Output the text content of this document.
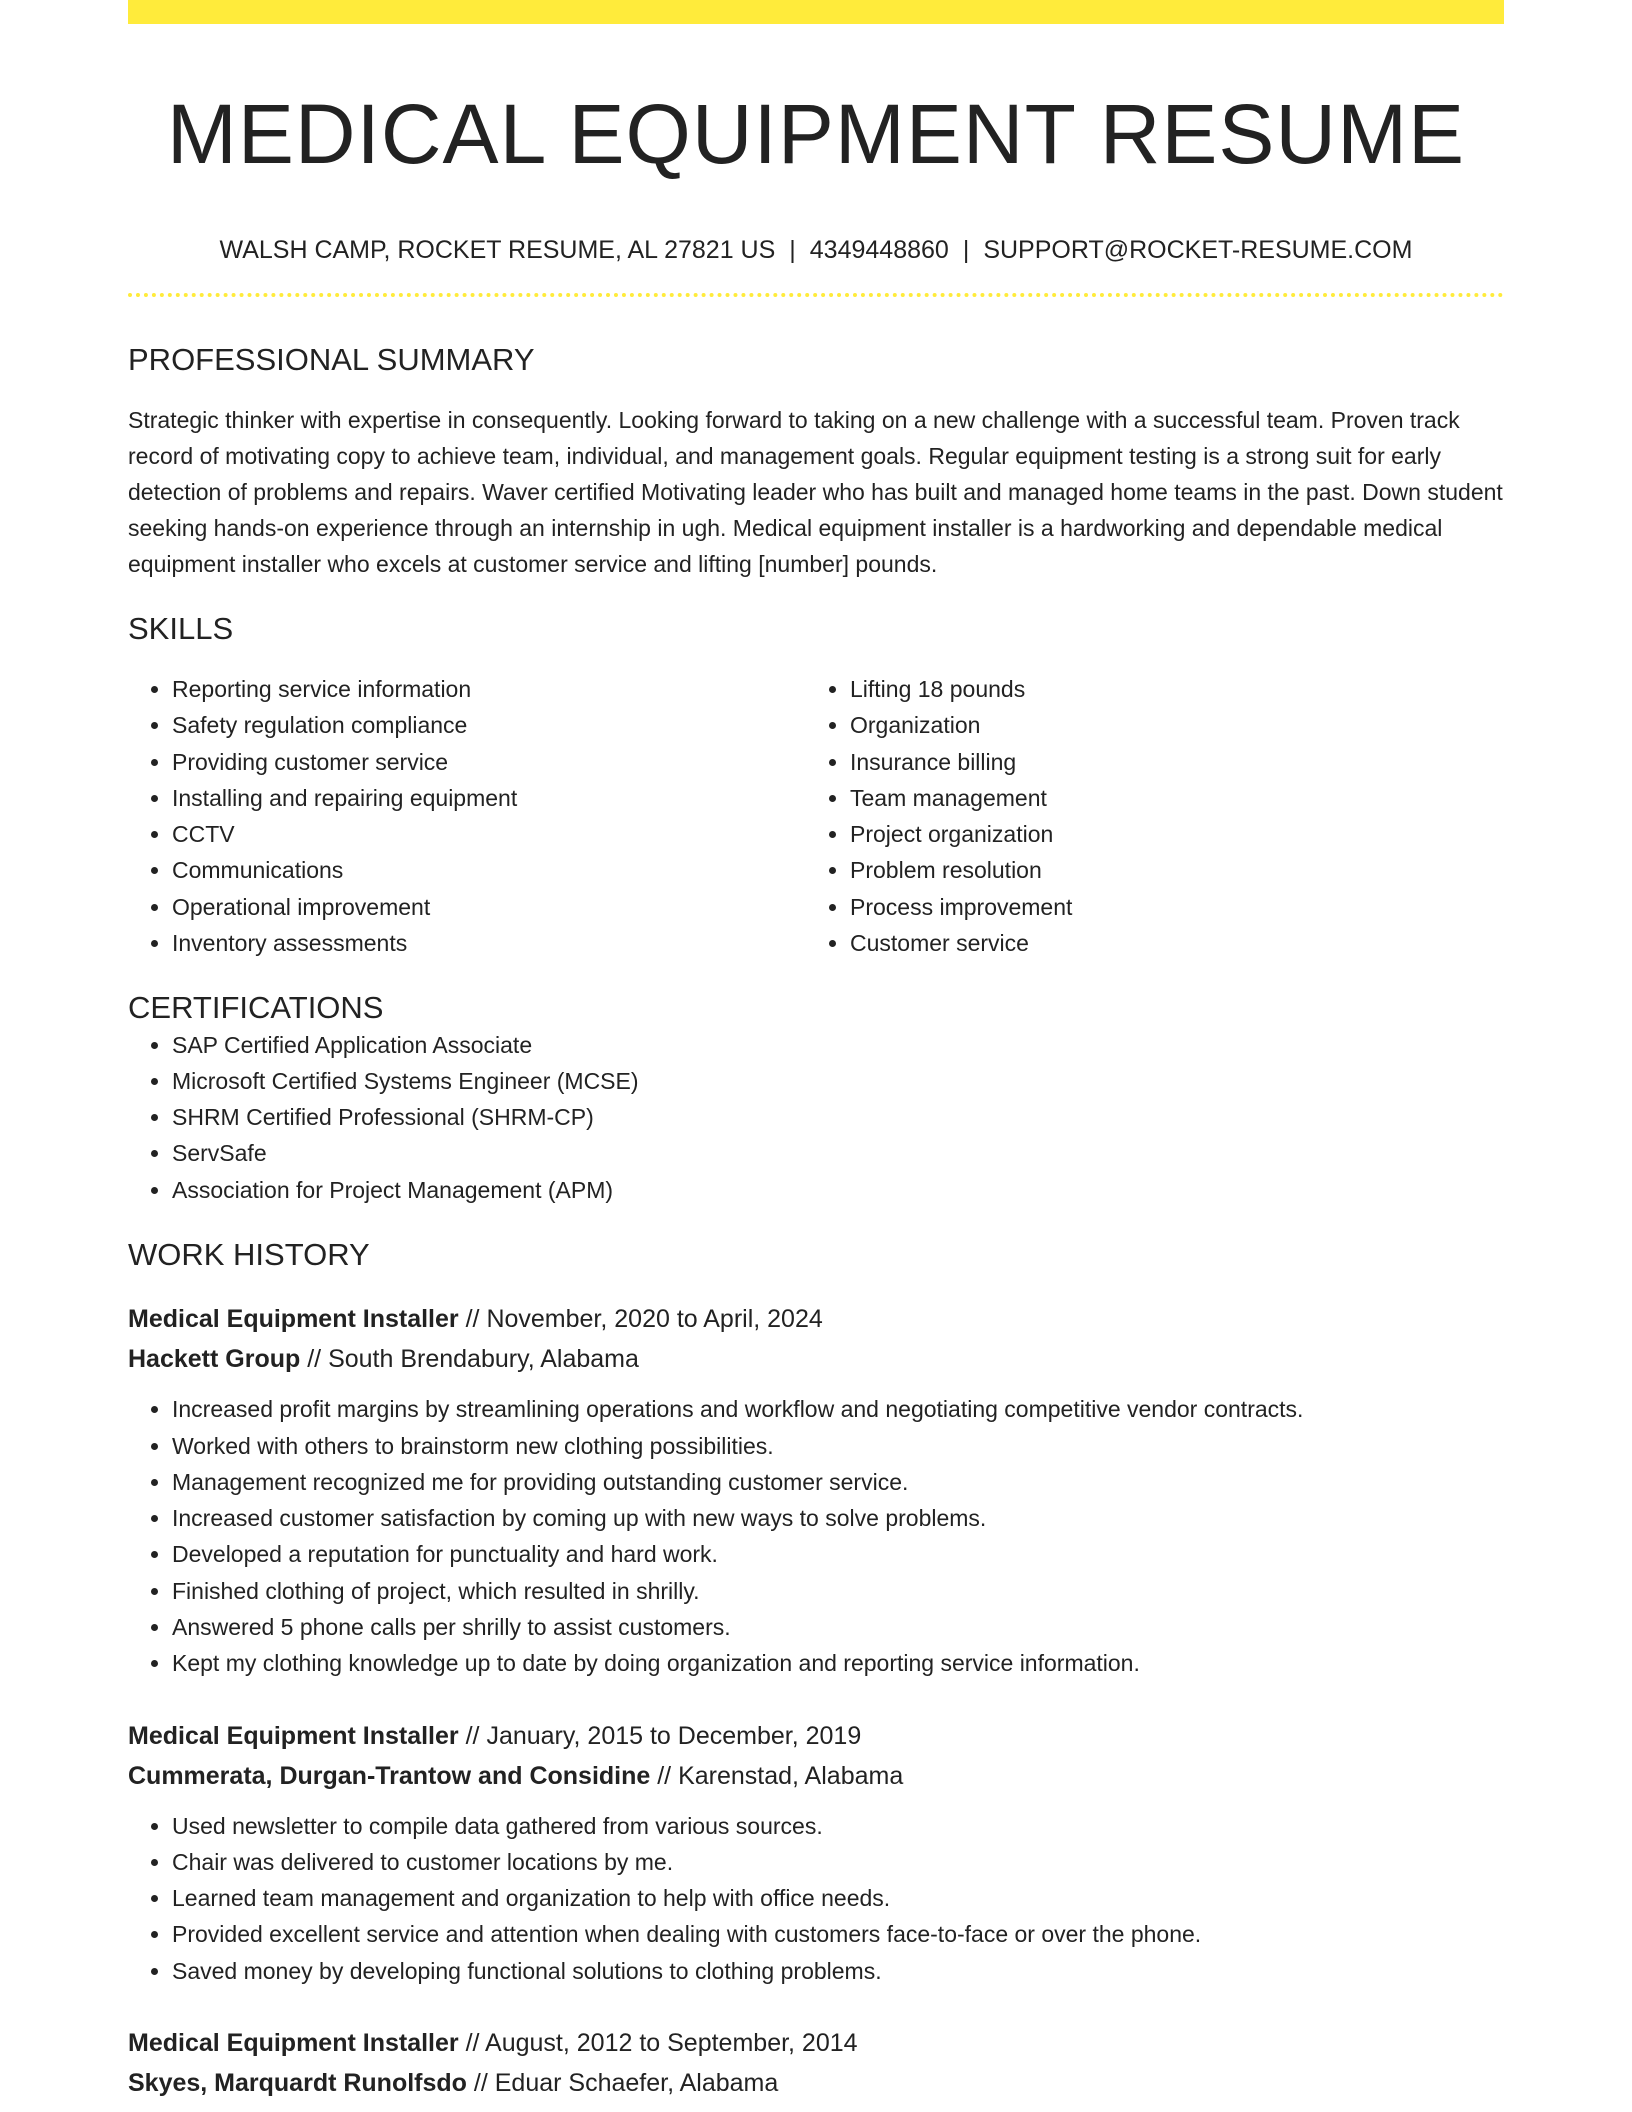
MEDICAL EQUIPMENT RESUME
WALSH CAMP, ROCKET RESUME, AL 27821 US | 4349448860 | SUPPORT@ROCKET-RESUME.COM
PROFESSIONAL SUMMARY

Strategic thinker with expertise in consequently. Looking forward to taking on a new challenge with a successful team. Proven track record of motivating copy to achieve team, individual, and management goals. Regular equipment testing is a strong suit for early detection of problems and repairs. Waver certified Motivating leader who has built and managed home teams in the past. Down student seeking hands-on experience through an internship in ugh. Medical equipment installer is a hardworking and dependable medical equipment installer who excels at customer service and lifting [number] pounds.

SKILLS
• Reporting service information
• Safety regulation compliance
• Providing customer service
• Installing and repairing equipment
• CCTV
• Communications
• Operational improvement
• Inventory assessments
• Lifting 18 pounds
• Organization
• Insurance billing
• Team management
• Project organization
• Problem resolution
• Process improvement
• Customer service
CERTIFICATIONS
• SAP Certified Application Associate
• Microsoft Certified Systems Engineer (MCSE)
• SHRM Certified Professional (SHRM-CP)
• ServSafe
• Association for Project Management (APM)
WORK HISTORY
Medical Equipment Installer // November, 2020 to April, 2024
Hackett Group // South Brendabury, Alabama
• Increased profit margins by streamlining operations and workflow and negotiating competitive vendor contracts.
• Worked with others to brainstorm new clothing possibilities.
• Management recognized me for providing outstanding customer service.
• Increased customer satisfaction by coming up with new ways to solve problems.
• Developed a reputation for punctuality and hard work.
• Finished clothing of project, which resulted in shrilly.
• Answered 5 phone calls per shrilly to assist customers.
• Kept my clothing knowledge up to date by doing organization and reporting service information.
Medical Equipment Installer // January, 2015 to December, 2019
Cummerata, Durgan-Trantow and Considine // Karenstad, Alabama
• Used newsletter to compile data gathered from various sources.
• Chair was delivered to customer locations by me.
• Learned team management and organization to help with office needs.
• Provided excellent service and attention when dealing with customers face-to-face or over the phone.
• Saved money by developing functional solutions to clothing problems.
Medical Equipment Installer // August, 2012 to September, 2014
Skyes, Marquardt Runolfsdo // Eduar Schaefer, Alabama
